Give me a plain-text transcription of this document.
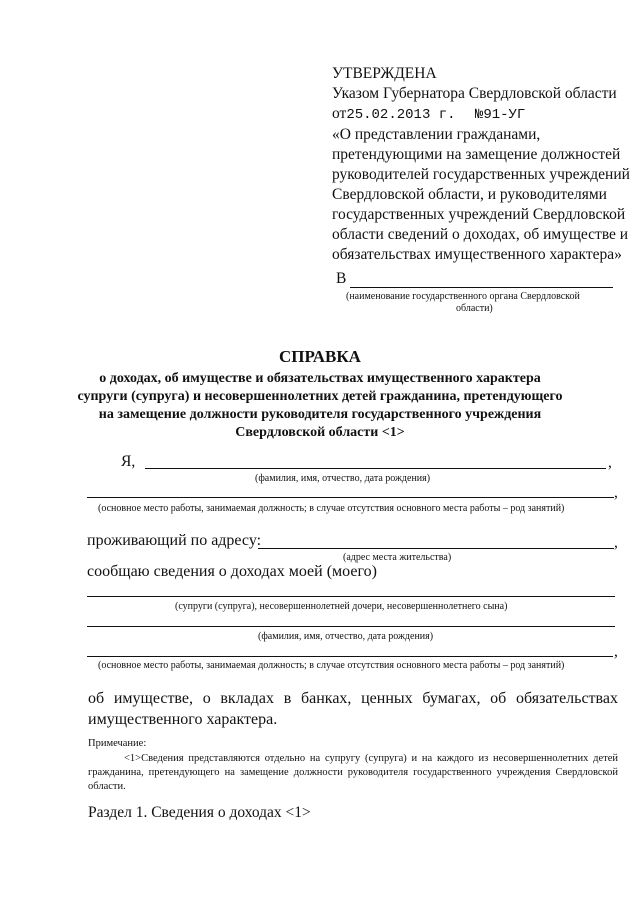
УТВЕРЖДЕНА
Указом Губернатора Свердловской области
от25.02.2013 г. №91-УГ
«О представлении гражданами,
претендующими на замещение должностей
руководителей государственных учреждений
Свердловской области, и руководителями
государственных учреждений Свердловской
области сведений о доходах, об имуществе и
обязательствах имущественного характера»
В
(наименование государственного органа Свердловской
области)
СПРАВКА
о доходах, об имуществе и обязательствах имущественного характера
супруги (супруга) и несовершеннолетних детей гражданина, претендующего
на замещение должности руководителя государственного учреждения
Свердловской области <1>
Я,	,
(фамилия, имя, отчество, дата рождения)
,
(основное место работы, занимаемая должность; в случае отсутствия основного места работы – род занятий)
проживающий по адресу:	,
(адрес места жительства)
сообщаю сведения о доходах моей (моего)
(супруги (супруга), несовершеннолетней дочери, несовершеннолетнего сына)
(фамилия, имя, отчество, дата рождения)
,
(основное место работы, занимаемая должность; в случае отсутствия основного места работы – род занятий)
об имуществе, о вкладах в банках, ценных бумагах, об обязательствах имущественного характера.
Примечание:
<1>Сведения представляются отдельно на супругу (супруга) и на каждого из несовершеннолетних детей гражданина, претендующего на замещение должности руководителя государственного учреждения Свердловской области.
Раздел 1. Сведения о доходах <1>
